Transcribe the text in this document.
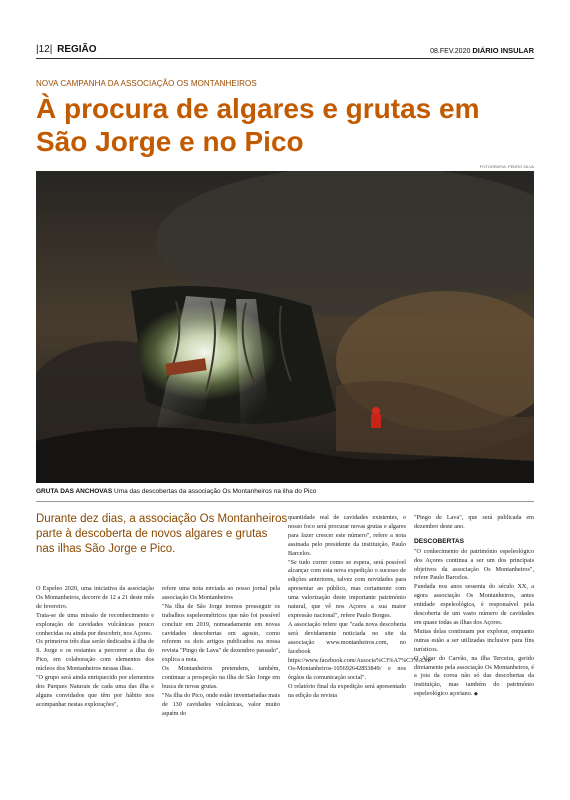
|12| REGIÃO	08.FEV.2020 DIÁRIO INSULAR
NOVA CAMPANHA DA ASSOCIAÇÃO OS MONTANHEIROS
À procura de algares e grutas em São Jorge e no Pico
FOTOGRAFIA: PEDRO SILVA
GRUTA DAS ANCHOVAS Uma das descobertas da associação Os Montanheiros na ilha do Pico

Durante dez dias, a associação Os Montanheiros parte à descoberta de novos algares e grutas nas ilhas São Jorge e Pico.

O Espeleo 2020, uma iniciativa da associação Os Montanheiros, decorre de 12 a 21 deste mês de fevereiro.

Trata-se de uma missão de reconhecimento e exploração de cavidades vulcânicas pouco conhecidas ou ainda por descobrir, nos Açores.

Os primeiros três dias serão dedicados à ilha de S. Jorge e os restantes a percorrer a ilha do Pico, em colaboração com elementos dos núcleos dos Montanheiros nessas ilhas.

"O grupo será ainda enriquecido por elementos dos Parques Naturais de cada uma das ilha e alguns convidados que têm por hábito nos acompanhar nestas explorações",

refere uma nota enviada ao nosso jornal pela associação Os Montanheiros

"Na ilha de São Jorge iremos prosseguir os trabalhos espeleométricos que não foi possível concluir em 2019, nomeadamente em novas cavidades descobertas em agosto, como referem os dois artigos publicados na nossa revista "Pingo de Lava" de dezembro passado", explica a nota.

Os Montanheiros pretendem, também, continuar a prospeção na ilha de São Jorge em busca de novas grutas.

"Na ilha do Pico, onde estão inventariadas mais de 130 cavidades vulcânicas, valor muito aquém do

quantidade real de cavidades existentes, o nosso foco será procurar novas grutas e algares para fazer crescer este número", refere a nota assinada pelo presidente da instituição, Paulo Barcelos.

"Se tudo correr como se espera, será possível alcançar com esta nova expedição o sucesso de edições anteriores, talvez com novidades para apresentar ao público, mas certamente com uma valorização deste importante património natural, que vê nos Açores a sua maior expressão nacional", refere Paulo Borges.

A associação refere que "cada nova descoberta será devidamente noticiada no site da associação www.montanheiros.com, no facebook https://www.facebook.com/Associa%C3%A7%C3%A3o-Os-Montanheiros-105692642853849/ e nos órgãos da comunicação social".

O relatório final da expedição será apresentado na edição da revista

"Pingo de Lava", que será publicada em dezembro deste ano.

DESCOBERTAS

"O conhecimento do património espeleológico dos Açores continua a ser um dos principais objetivos da associação Os Montanheiros", refere Paulo Barcelos.

Fundada nos anos sessenta do século XX, a agora associação Os Montanheiros, antes entidade espeleológica, é responsável pela descoberta de um vasto número de cavidades em quase todas as ilhas dos Açores.

Muitas delas continuam por explorar, enquanto outras estão a ser utilizadas inclusive para fins turísticos.

O Algar do Carvão, na ilha Terceira, gerido diretamente pela associação Os Montanheiros, é a joia da coroa não só das descobertas da instituição, mas também do património espeleológico açoriano. ◆
